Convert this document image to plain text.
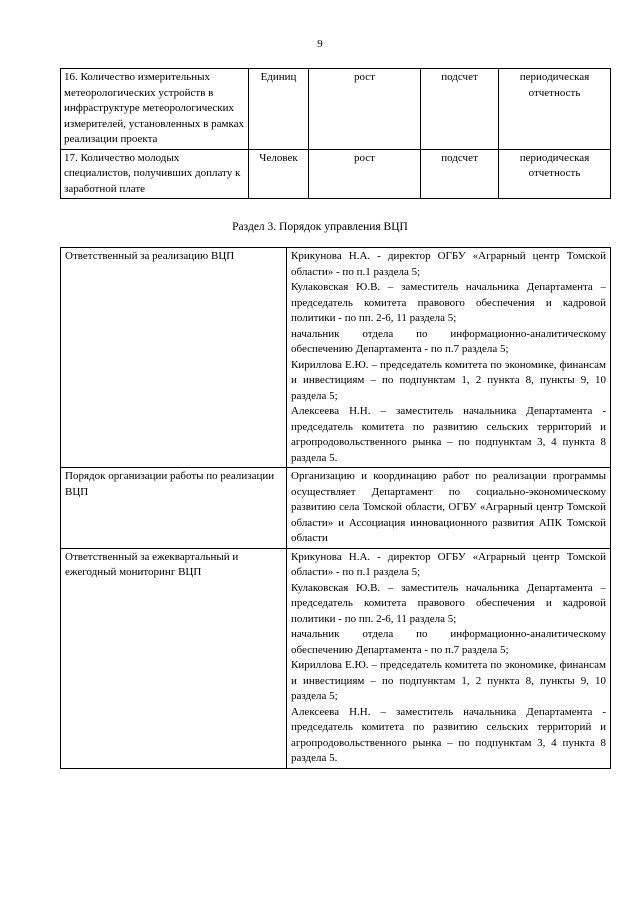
9
16. Количество измерительных метеорологических устройств в инфраструктуре метеорологических измерителей, установленных в рамках реализации проекта	Единиц	рост	подсчет	периодическая отчетность
17. Количество молодых специалистов, получивших доплату к заработной плате	Человек	рост	подсчет	периодическая отчетность
Раздел 3. Порядок управления ВЦП
Ответственный за реализацию ВЦП	Крикунова Н.А. - директор ОГБУ «Аграрный центр Томской области» - по п.1 раздела 5;
Кулаковская Ю.В. – заместитель начальника Департамента – председатель комитета правового обеспечения и кадровой политики - по пп. 2-6, 11 раздела 5;
начальник отдела по информационно-аналитическому обеспечению Департамента - по п.7 раздела 5;
Кириллова Е.Ю. – председатель комитета по экономике, финансам и инвестициям – по подпунктам 1, 2 пункта 8, пункты 9, 10 раздела 5;
Алексеева Н.Н. – заместитель начальника Департамента - председатель комитета по развитию сельских территорий и агропродовольственного рынка – по подпунктам 3, 4 пункта 8 раздела 5.

Порядок организации работы по реализации ВЦП	Организацию и координацию работ по реализации программы осуществляет Департамент по социально-экономическому развитию села Томской области, ОГБУ «Аграрный центр Томской области» и Ассоциация инновационного развития АПК Томской области

Ответственный за ежеквартальный и ежегодный мониторинг ВЦП	Крикунова Н.А. - директор ОГБУ «Аграрный центр Томской области» - по п.1 раздела 5;
Кулаковская Ю.В. – заместитель начальника Департамента – председатель комитета правового обеспечения и кадровой политики - по пп. 2-6, 11 раздела 5;
начальник отдела по информационно-аналитическому обеспечению Департамента - по п.7 раздела 5;
Кириллова Е.Ю. – председатель комитета по экономике, финансам и инвестициям – по подпунктам 1, 2 пункта 8, пункты 9, 10 раздела 5;
Алексеева Н.Н. – заместитель начальника Департамента - председатель комитета по развитию сельских территорий и агропродовольственного рынка – по подпунктам 3, 4 пункта 8 раздела 5.
